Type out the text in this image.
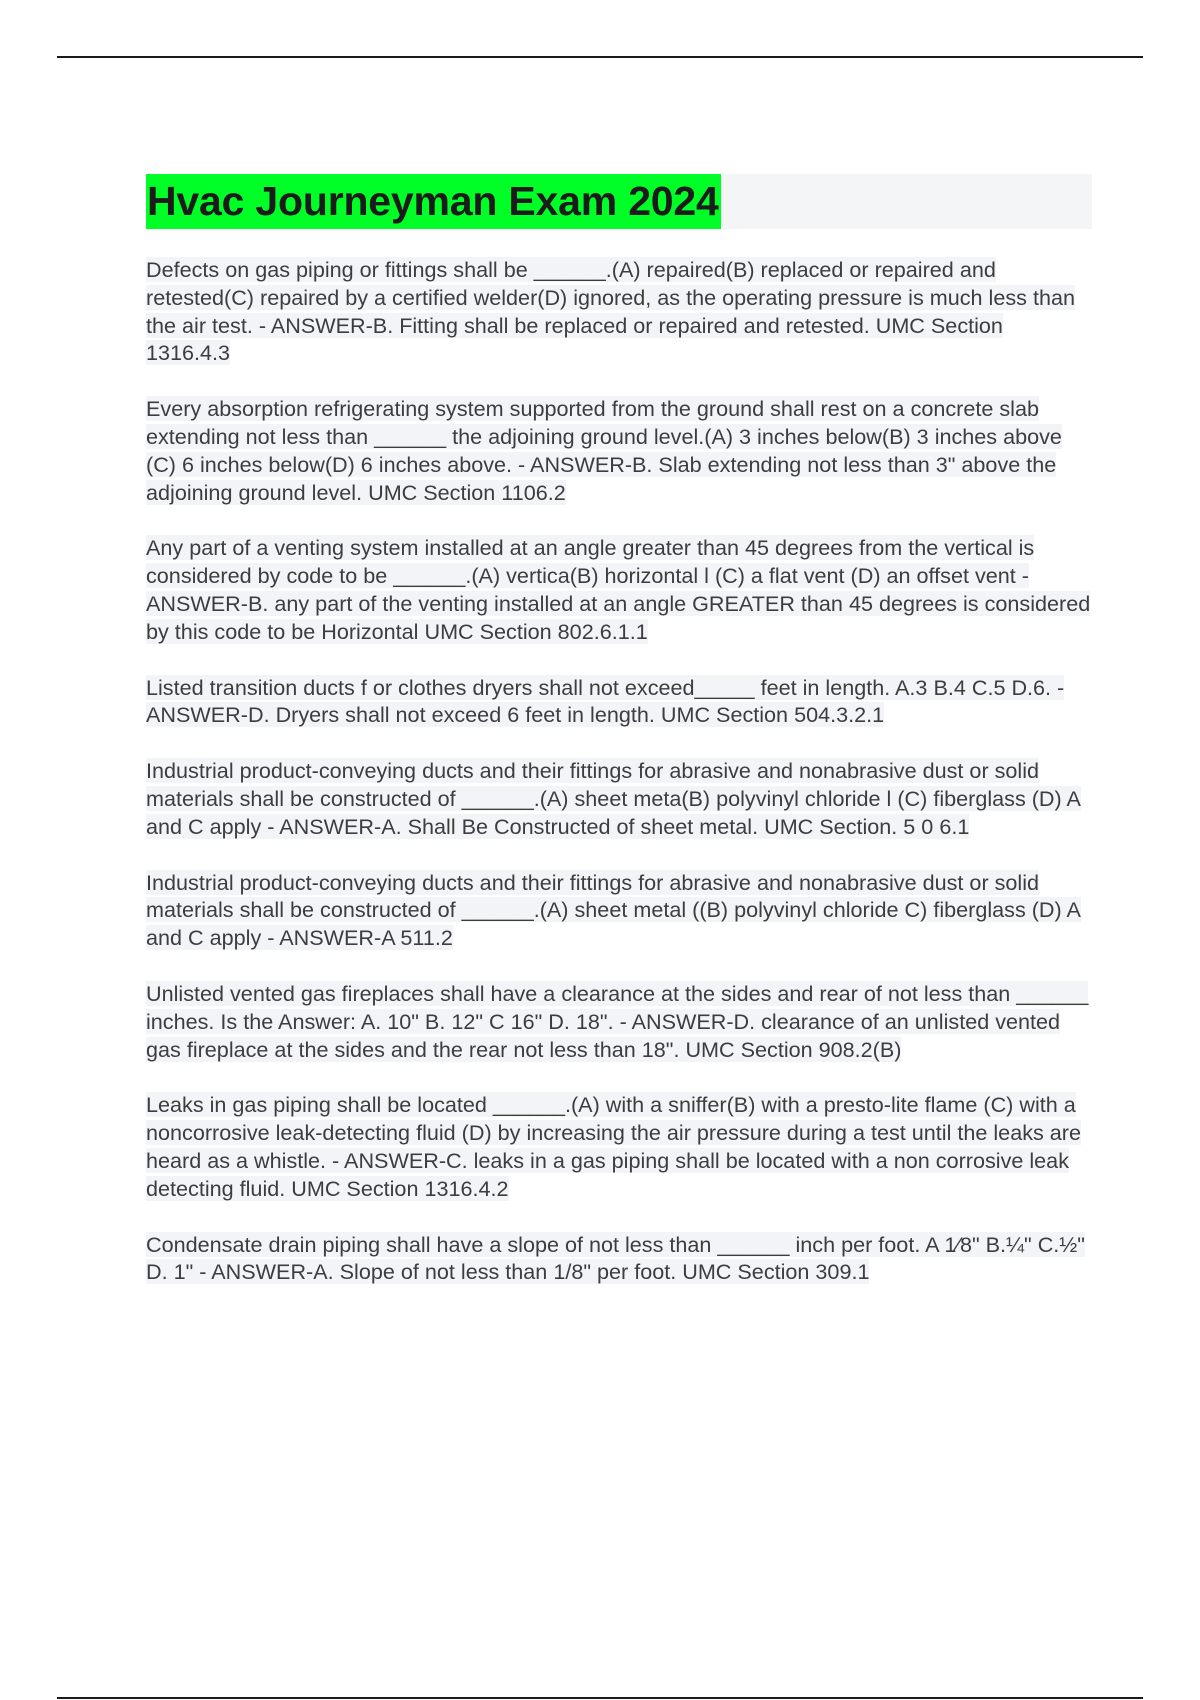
Hvac Journeyman Exam 2024

Defects on gas piping or fittings shall be ______.(A) repaired(B) replaced or repaired and retested(C) repaired by a certified welder(D) ignored, as the operating pressure is much less than the air test. - ANSWER-B. Fitting shall be replaced or repaired and retested. UMC Section 1316.4.3

Every absorption refrigerating system supported from the ground shall rest on a concrete slab extending not less than ______ the adjoining ground level.(A) 3 inches below(B) 3 inches above (C) 6 inches below(D) 6 inches above. - ANSWER-B. Slab extending not less than 3" above the adjoining ground level. UMC Section 1106.2

Any part of a venting system installed at an angle greater than 45 degrees from the vertical is considered by code to be ______.(A) vertica(B) horizontal l (C) a flat vent (D) an offset vent - ANSWER-B. any part of the venting installed at an angle GREATER than 45 degrees is considered by this code to be Horizontal UMC Section 802.6.1.1

Listed transition ducts f or clothes dryers shall not exceed_____ feet in length. A.3 B.4 C.5 D.6. - ANSWER-D. Dryers shall not exceed 6 feet in length. UMC Section 504.3.2.1

Industrial product-conveying ducts and their fittings for abrasive and nonabrasive dust or solid materials shall be constructed of ______.(A) sheet meta(B) polyvinyl chloride l (C) fiberglass (D) A and C apply - ANSWER-A. Shall Be Constructed of sheet metal. UMC Section. 5 0 6.1

Industrial product-conveying ducts and their fittings for abrasive and nonabrasive dust or solid materials shall be constructed of ______.(A) sheet metal ((B) polyvinyl chloride C) fiberglass (D) A and C apply - ANSWER-A 511.2

Unlisted vented gas fireplaces shall have a clearance at the sides and rear of not less than ______ inches. Is the Answer: A. 10" B. 12" C 16" D. 18". - ANSWER-D. clearance of an unlisted vented gas fireplace at the sides and the rear not less than 18". UMC Section 908.2(B)

Leaks in gas piping shall be located ______.(A) with a sniffer(B) with a presto-lite flame (C) with a noncorrosive leak-detecting fluid (D) by increasing the air pressure during a test until the leaks are heard as a whistle. - ANSWER-C. leaks in a gas piping shall be located with a non corrosive leak detecting fluid. UMC Section 1316.4.2

Condensate drain piping shall have a slope of not less than ______ inch per foot. A 1⁄8" B.¼" C.½" D. 1" - ANSWER-A. Slope of not less than 1/8" per foot. UMC Section 309.1
